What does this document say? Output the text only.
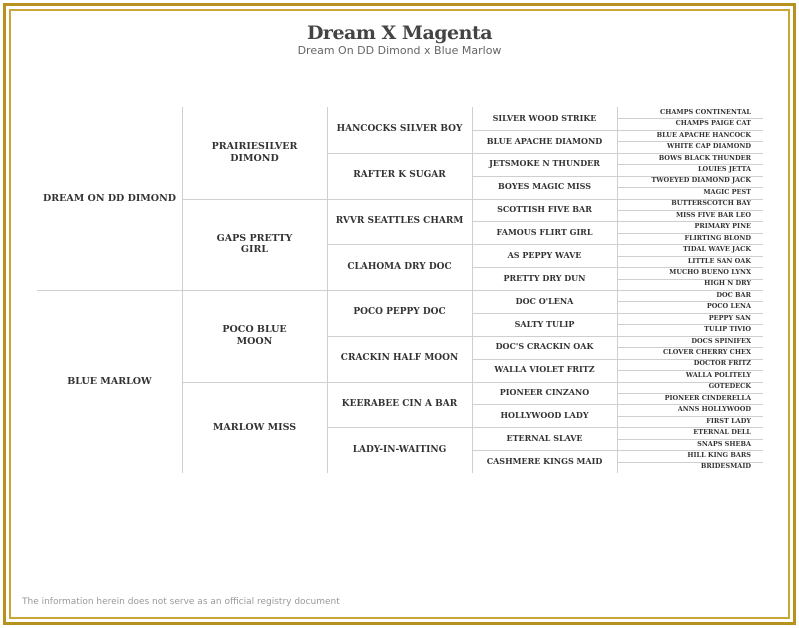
Dream X Magenta
Dream On DD Dimond x Blue Marlow
DREAM ON DD DIMOND
BLUE MARLOW
PRAIRIESILVER DIMOND
GAPS PRETTY GIRL
POCO BLUE MOON
MARLOW MISS
HANCOCKS SILVER BOY
RAFTER K SUGAR
RVVR SEATTLES CHARM
CLAHOMA DRY DOC
POCO PEPPY DOC
CRACKIN HALF MOON
KEERABEE CIN A BAR
LADY-IN-WAITING
SILVER WOOD STRIKE
BLUE APACHE DIAMOND
JETSMOKE N THUNDER
BOYES MAGIC MISS
SCOTTISH FIVE BAR
FAMOUS FLIRT GIRL
AS PEPPY WAVE
PRETTY DRY DUN
DOC O'LENA
SALTY TULIP
DOC'S CRACKIN OAK
WALLA VIOLET FRITZ
PIONEER CINZANO
HOLLYWOOD LADY
ETERNAL SLAVE
CASHMERE KINGS MAID
CHAMPS CONTINENTAL
CHAMPS PAIGE CAT
BLUE APACHE HANCOCK
WHITE CAP DIAMOND
BOWS BLACK THUNDER
LOUIES JETTA
TWOEYED DIAMOND JACK
MAGIC PEST
BUTTERSCOTCH BAY
MISS FIVE BAR LEO
PRIMARY PINE
FLIRTING BLOND
TIDAL WAVE JACK
LITTLE SAN OAK
MUCHO BUENO LYNX
HIGH N DRY
DOC BAR
POCO LENA
PEPPY SAN
TULIP TIVIO
DOCS SPINIFEX
CLOVER CHERRY CHEX
DOCTOR FRITZ
WALLA POLITELY
GOTEDECK
PIONEER CINDERELLA
ANNS HOLLYWOOD
FIRST LADY
ETERNAL DELL
SNAPS SHEBA
HILL KING BARS
BRIDESMAID
The information herein does not serve as an official registry document
